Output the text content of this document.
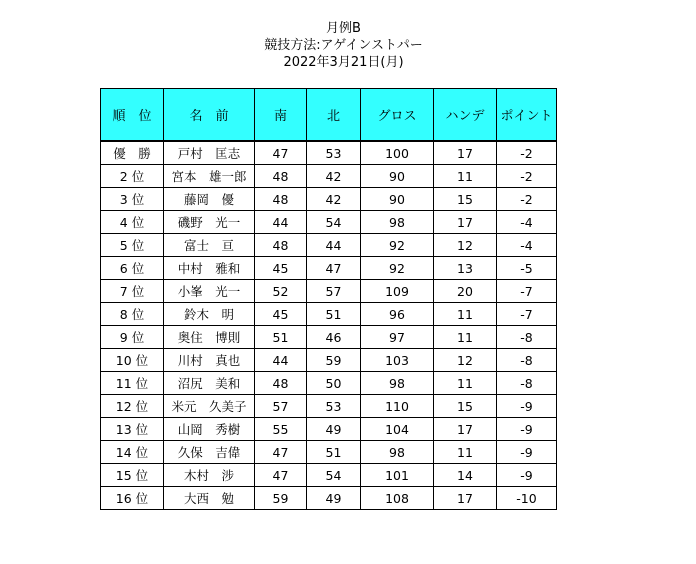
月例B
競技方法:アゲインストパー
2022年3月21日(月)
順　位	名　前	南	北	グロス	ハンデ	ポイント
優　勝	戸村　匡志	47	53	100	17	-2
2 位	宮本　雄一郎	48	42	90	11	-2
3 位	藤岡　優	48	42	90	15	-2
4 位	磯野　光一	44	54	98	17	-4
5 位	富士　亘	48	44	92	12	-4
6 位	中村　雅和	45	47	92	13	-5
7 位	小峯　光一	52	57	109	20	-7
8 位	鈴木　明	45	51	96	11	-7
9 位	奥住　博則	51	46	97	11	-8
10 位	川村　真也	44	59	103	12	-8
11 位	沼尻　美和	48	50	98	11	-8
12 位	米元　久美子	57	53	110	15	-9
13 位	山岡　秀樹	55	49	104	17	-9
14 位	久保　吉偉	47	51	98	11	-9
15 位	木村　涉	47	54	101	14	-9
16 位	大西　勉	59	49	108	17	-10
